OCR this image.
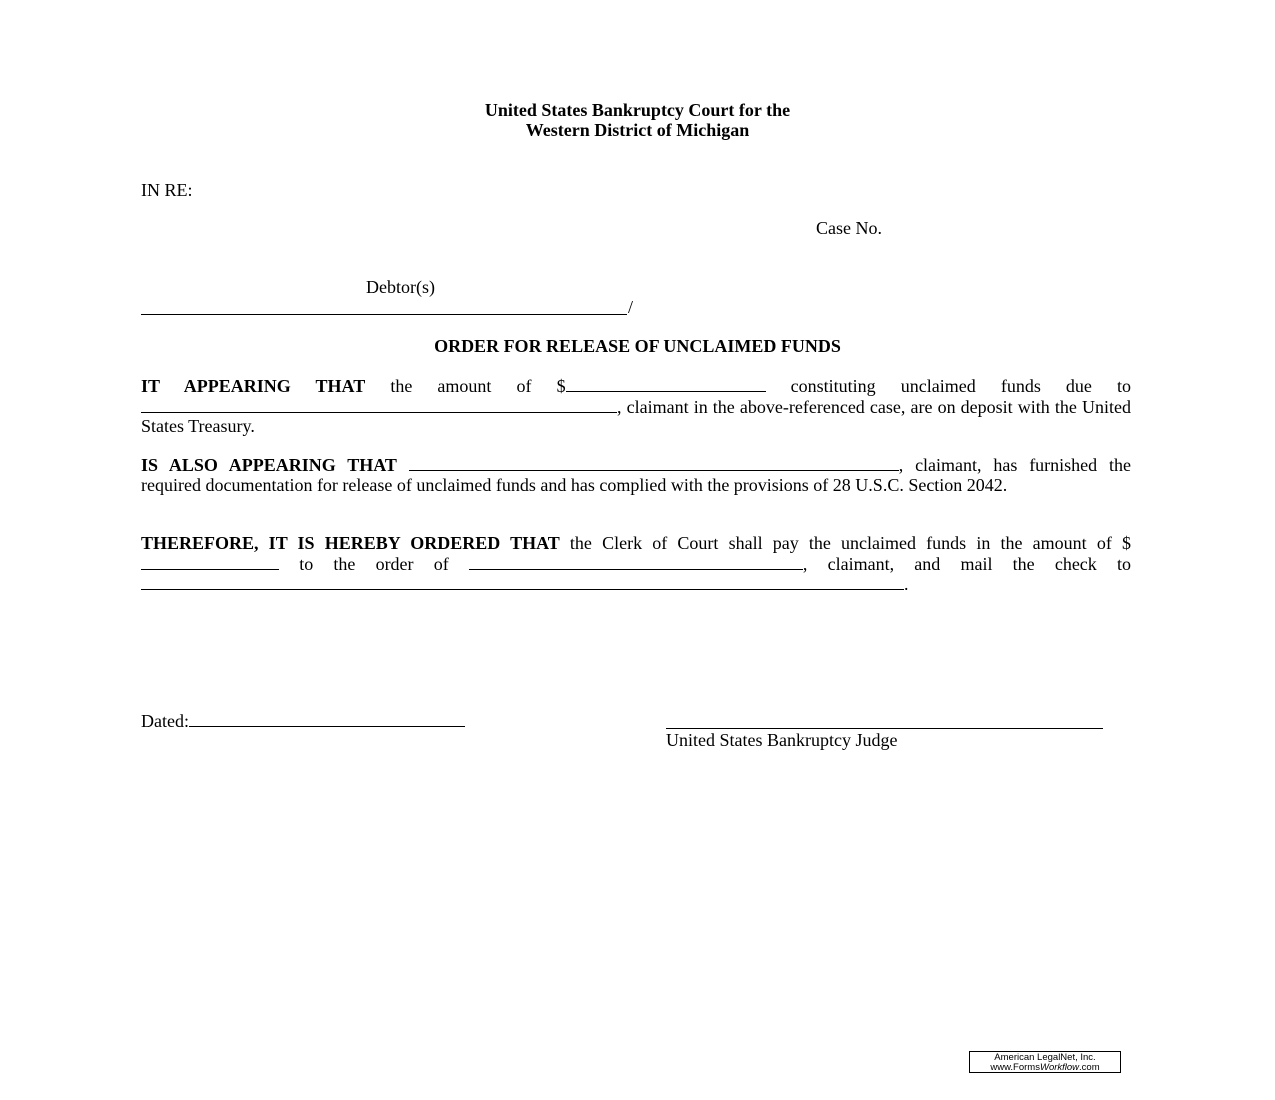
United States Bankruptcy Court for the
Western District of Michigan
IN RE:
Case No.
Debtor(s)
/
ORDER FOR RELEASE OF UNCLAIMED FUNDS
IT APPEARING THAT the amount of $	constituting unclaimed funds due to , claimant in the above-referenced case, are on deposit with the United States Treasury.
IS ALSO APPEARING THAT	, claimant, has furnished the required documentation for release of unclaimed funds and has complied with the provisions of 28 U.S.C. Section 2042.
THEREFORE, IT IS HEREBY ORDERED THAT the Clerk of Court shall pay the unclaimed funds in the amount of $ to the order of	, claimant, and mail the check to.
Dated:
United States Bankruptcy Judge
American LegalNet, Inc.
www.FormsWorkflow.com
